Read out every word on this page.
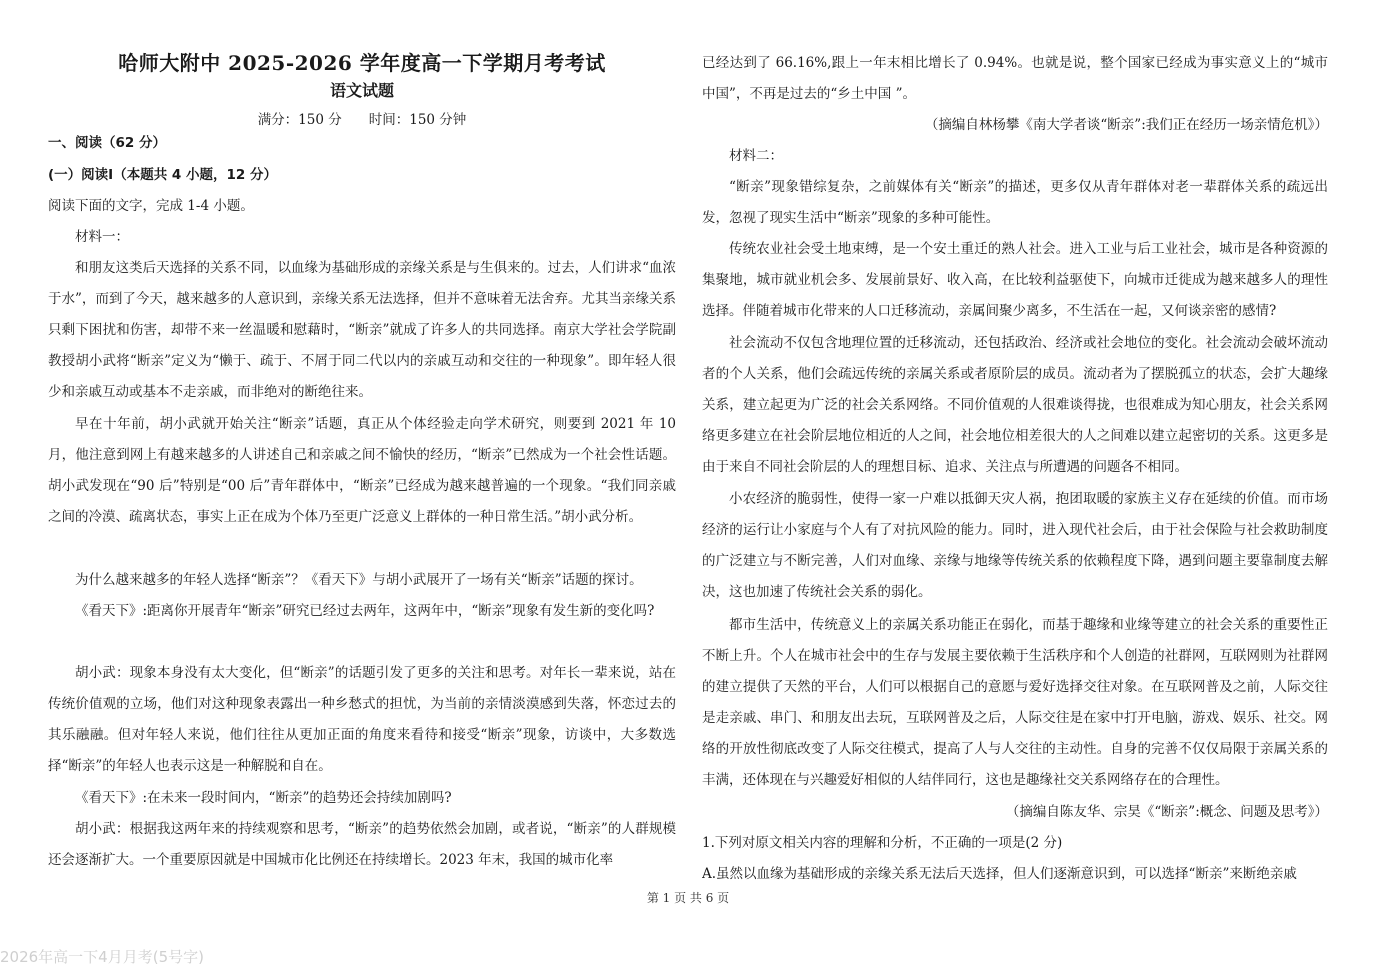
哈师大附中 2025-2026 学年度高一下学期月考考试
语文试题
满分：150 分　　时间：150 分钟

一、阅读（62 分）

(一）阅读Ⅰ（本题共 4 小题，12 分）

阅读下面的文字，完成 1-4 小题。

材料一：

和朋友这类后天选择的关系不同，以血缘为基础形成的亲缘关系是与生俱来的。过去，人们讲求“血浓于水”，而到了今天，越来越多的人意识到，亲缘关系无法选择，但并不意味着无法舍弃。尤其当亲缘关系只剩下困扰和伤害，却带不来一丝温暖和慰藉时，“断亲”就成了许多人的共同选择。南京大学社会学院副教授胡小武将“断亲”定义为“懒于、疏于、不屑于同二代以内的亲戚互动和交往的一种现象”。即年轻人很少和亲戚互动或基本不走亲戚，而非绝对的断绝往来。

早在十年前，胡小武就开始关注“断亲”话题，真正从个体经验走向学术研究，则要到 2021 年 10 月，他注意到网上有越来越多的人讲述自己和亲戚之间不愉快的经历，“断亲”已然成为一个社会性话题。胡小武发现在“90 后”特别是“00 后”青年群体中，“断亲”已经成为越来越普遍的一个现象。“我们同亲戚之间的冷漠、疏离状态，事实上正在成为个体乃至更广泛意义上群体的一种日常生活。”胡小武分析。

为什么越来越多的年轻人选择“断亲”？《看天下》与胡小武展开了一场有关“断亲”话题的探讨。

《看天下》:距离你开展青年“断亲”研究已经过去两年，这两年中，“断亲”现象有发生新的变化吗?

胡小武：现象本身没有太大变化，但“断亲”的话题引发了更多的关注和思考。对年长一辈来说，站在传统价值观的立场，他们对这种现象表露出一种乡愁式的担忧，为当前的亲情淡漠感到失落，怀恋过去的其乐融融。但对年轻人来说，他们往往从更加正面的角度来看待和接受“断亲”现象，访谈中，大多数选择“断亲”的年轻人也表示这是一种解脱和自在。

《看天下》:在未来一段时间内，“断亲”的趋势还会持续加剧吗?

胡小武：根据我这两年来的持续观察和思考，“断亲”的趋势依然会加剧，或者说，“断亲”的人群规模还会逐渐扩大。一个重要原因就是中国城市化比例还在持续增长。2023 年末，我国的城市化率

已经达到了 66.16%,跟上一年末相比增长了 0.94%。也就是说，整个国家已经成为事实意义上的“城市中国”，不再是过去的“乡土中国 ”。

（摘编自林杨攀《南大学者谈“断亲”:我们正在经历一场亲情危机》）

材料二：

“断亲”现象错综复杂，之前媒体有关“断亲”的描述，更多仅从青年群体对老一辈群体关系的疏远出发，忽视了现实生活中“断亲”现象的多种可能性。

传统农业社会受土地束缚，是一个安土重迁的熟人社会。进入工业与后工业社会，城市是各种资源的集聚地，城市就业机会多、发展前景好、收入高，在比较利益驱使下，向城市迁徙成为越来越多人的理性选择。伴随着城市化带来的人口迁移流动，亲属间聚少离多，不生活在一起，又何谈亲密的感情?

社会流动不仅包含地理位置的迁移流动，还包括政治、经济或社会地位的变化。社会流动会破坏流动者的个人关系，他们会疏远传统的亲属关系或者原阶层的成员。流动者为了摆脱孤立的状态，会扩大趣缘关系，建立起更为广泛的社会关系网络。不同价值观的人很难谈得拢，也很难成为知心朋友，社会关系网络更多建立在社会阶层地位相近的人之间，社会地位相差很大的人之间难以建立起密切的关系。这更多是由于来自不同社会阶层的人的理想目标、追求、关注点与所遭遇的问题各不相同。

小农经济的脆弱性，使得一家一户难以抵御天灾人祸，抱团取暖的家族主义存在延续的价值。而市场经济的运行让小家庭与个人有了对抗风险的能力。同时，进入现代社会后，由于社会保险与社会救助制度的广泛建立与不断完善，人们对血缘、亲缘与地缘等传统关系的依赖程度下降，遇到问题主要靠制度去解决，这也加速了传统社会关系的弱化。

都市生活中，传统意义上的亲属关系功能正在弱化，而基于趣缘和业缘等建立的社会关系的重要性正不断上升。个人在城市社会中的生存与发展主要依赖于生活秩序和个人创造的社群网，互联网则为社群网的建立提供了天然的平台，人们可以根据自己的意愿与爱好选择交往对象。在互联网普及之前，人际交往是走亲戚、串门、和朋友出去玩，互联网普及之后，人际交往是在家中打开电脑，游戏、娱乐、社交。网络的开放性彻底改变了人际交往模式，提高了人与人交往的主动性。自身的完善不仅仅局限于亲属关系的丰满，还体现在与兴趣爱好相似的人结伴同行，这也是趣缘社交关系网络存在的合理性。

（摘编自陈友华、宗昊《“断亲”:概念、问题及思考》）

1.下列对原文相关内容的理解和分析，不正确的一项是(2 分)

A.虽然以血缘为基础形成的亲缘关系无法后天选择，但人们逐渐意识到，可以选择“断亲”来断绝亲戚

第 1 页 共 6 页
2026年高一下4月月考(5号字)
